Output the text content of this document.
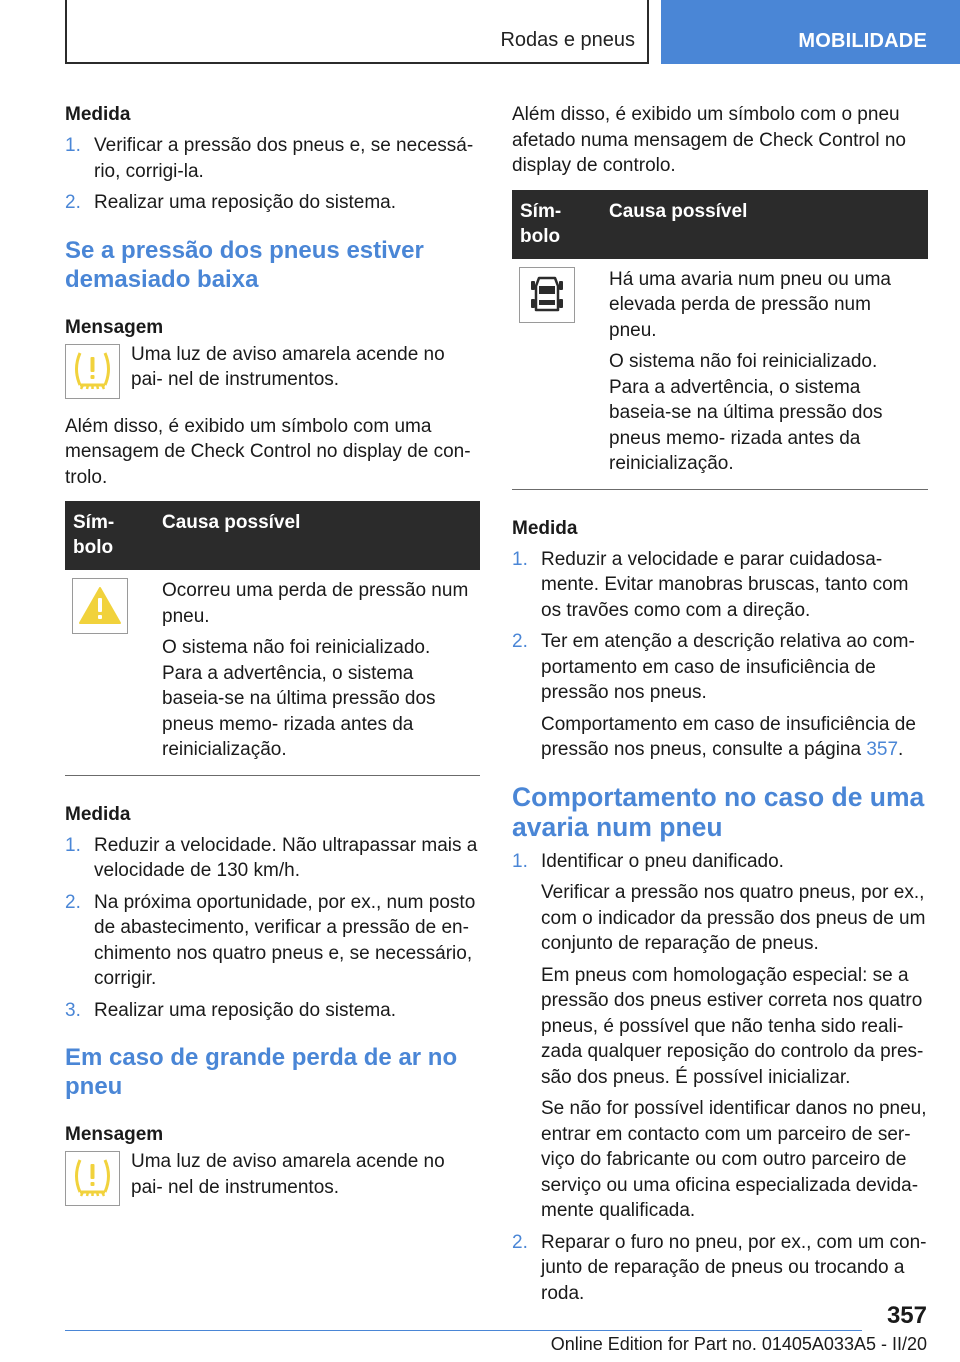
Rodas e pneus	MOBILIDADE
Medida
1. Verificar a pressão dos pneus e, se necessá‐ rio, corrigi-la.
2. Realizar uma reposição do sistema.
Se a pressão dos pneus estiver demasiado baixa
Mensagem
Uma luz de aviso amarela acende no pai‐ nel de instrumentos.
Além disso, é exibido um símbolo com uma mensagem de Check Control no display de con‐ trolo.
Sím‐ bolo	Causa possível

Ocorreu uma perda de pressão num pneu.
O sistema não foi reinicializado. Para a advertência, o sistema baseia-se na última pressão dos pneus memo‐ rizada antes da reinicialização.
Medida
1. Reduzir a velocidade. Não ultrapassar mais a velocidade de 130 km/h.
2. Na próxima oportunidade, por ex., num posto de abastecimento, verificar a pressão de en‐ chimento nos quatro pneus e, se necessário, corrigir.
3. Realizar uma reposição do sistema.
Em caso de grande perda de ar no pneu
Mensagem
Uma luz de aviso amarela acende no pai‐ nel de instrumentos.
Além disso, é exibido um símbolo com o pneu afetado numa mensagem de Check Control no display de controlo.
Sím‐ bolo	Causa possível

Há uma avaria num pneu ou uma elevada perda de pressão num pneu.
O sistema não foi reinicializado. Para a advertência, o sistema baseia-se na última pressão dos pneus memo‐ rizada antes da reinicialização.
Medida
1. Reduzir a velocidade e parar cuidadosa‐ mente. Evitar manobras bruscas, tanto com os travões como com a direção.
2. Ter em atenção a descrição relativa ao com‐ portamento em caso de insuficiência de pressão nos pneus.
Comportamento em caso de insuficiência de pressão nos pneus, consulte a página 357.
Comportamento no caso de uma avaria num pneu
1. Identificar o pneu danificado.
Verificar a pressão nos quatro pneus, por ex., com o indicador da pressão dos pneus de um conjunto de reparação de pneus.
Em pneus com homologação especial: se a pressão dos pneus estiver correta nos quatro pneus, é possível que não tenha sido reali‐ zada qualquer reposição do controlo da pres‐ são dos pneus. É possível inicializar.
Se não for possível identificar danos no pneu, entrar em contacto com um parceiro de ser‐ viço do fabricante ou com outro parceiro de serviço ou uma oficina especializada devida‐ mente qualificada.
2. Reparar o furo no pneu, por ex., com um con‐ junto de reparação de pneus ou trocando a roda.
357
Online Edition for Part no. 01405A033A5 - II/20
